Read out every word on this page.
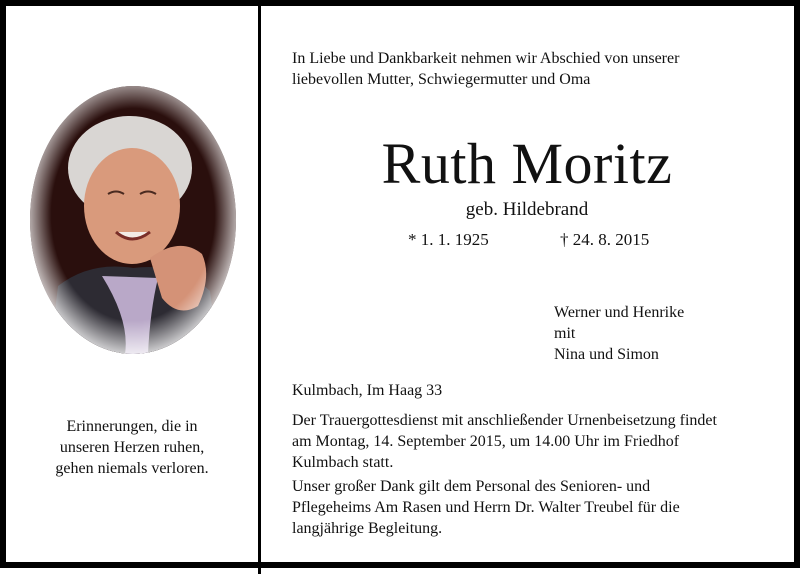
Erinnerungen, die in
unseren Herzen ruhen,
gehen niemals verloren.
In Liebe und Dankbarkeit nehmen wir Abschied von unserer
liebevollen Mutter, Schwiegermutter und Oma
Ruth Moritz
geb. Hildebrand
* 1. 1. 1925	† 24. 8. 2015
Werner und Henrike
mit
Nina und Simon
Kulmbach, Im Haag 33
Der Trauergottesdienst mit anschließender Urnenbeisetzung findet
am Montag, 14. September 2015, um 14.00 Uhr im Friedhof
Kulmbach statt.
Unser großer Dank gilt dem Personal des Senioren- und
Pflegeheims Am Rasen und Herrn Dr. Walter Treubel für die
langjährige Begleitung.
